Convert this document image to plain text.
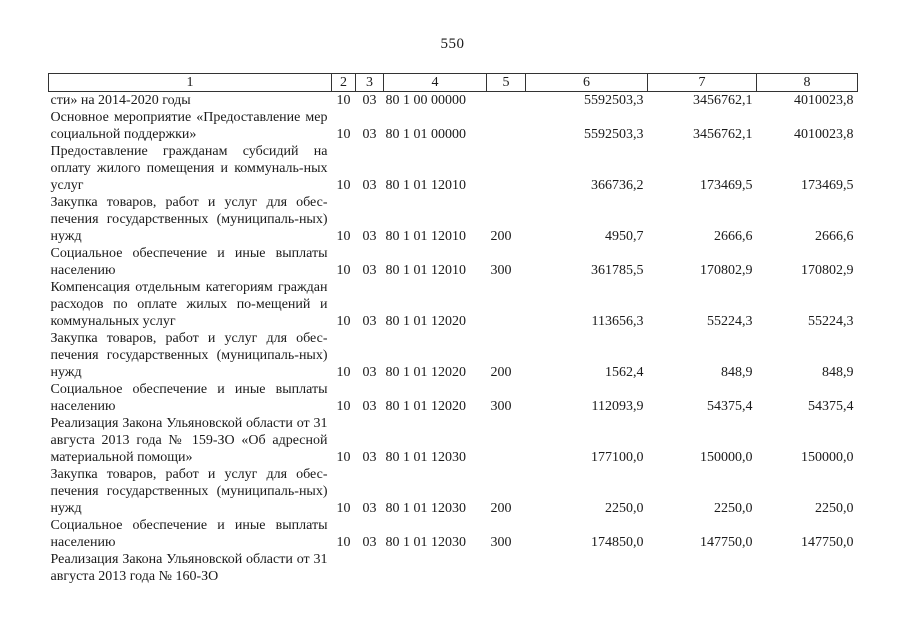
550
1	2	3	4	5	6	7	8
сти» на 2014-2020 годы	10	03	80 1 00 00000		5592503,3	3456762,1	4010023,8
Основное мероприятие «Предоставление мер социальной поддержки»	10	03	80 1 01 00000		5592503,3	3456762,1	4010023,8
Предоставление гражданам субсидий на оплату жилого помещения и коммуналь-ных услуг	10	03	80 1 01 12010		366736,2	173469,5	173469,5
Закупка товаров, работ и услуг для обес-печения государственных (муниципаль-ных) нужд	10	03	80 1 01 12010	200	4950,7	2666,6	2666,6
Социальное обеспечение и иные выплаты населению	10	03	80 1 01 12010	300	361785,5	170802,9	170802,9
Компенсация отдельным категориям граждан расходов по оплате жилых по-мещений и коммунальных услуг	10	03	80 1 01 12020		113656,3	55224,3	55224,3
Закупка товаров, работ и услуг для обес-печения государственных (муниципаль-ных) нужд	10	03	80 1 01 12020	200	1562,4	848,9	848,9
Социальное обеспечение и иные выплаты населению	10	03	80 1 01 12020	300	112093,9	54375,4	54375,4
Реализация Закона Ульяновской области от 31 августа 2013 года № 159-ЗО «Об адресной материальной помощи»	10	03	80 1 01 12030		177100,0	150000,0	150000,0
Закупка товаров, работ и услуг для обес-печения государственных (муниципаль-ных) нужд	10	03	80 1 01 12030	200	2250,0	2250,0	2250,0
Социальное обеспечение и иные выплаты населению	10	03	80 1 01 12030	300	174850,0	147750,0	147750,0
Реализация Закона Ульяновской области от 31 августа 2013 года № 160-ЗО							
